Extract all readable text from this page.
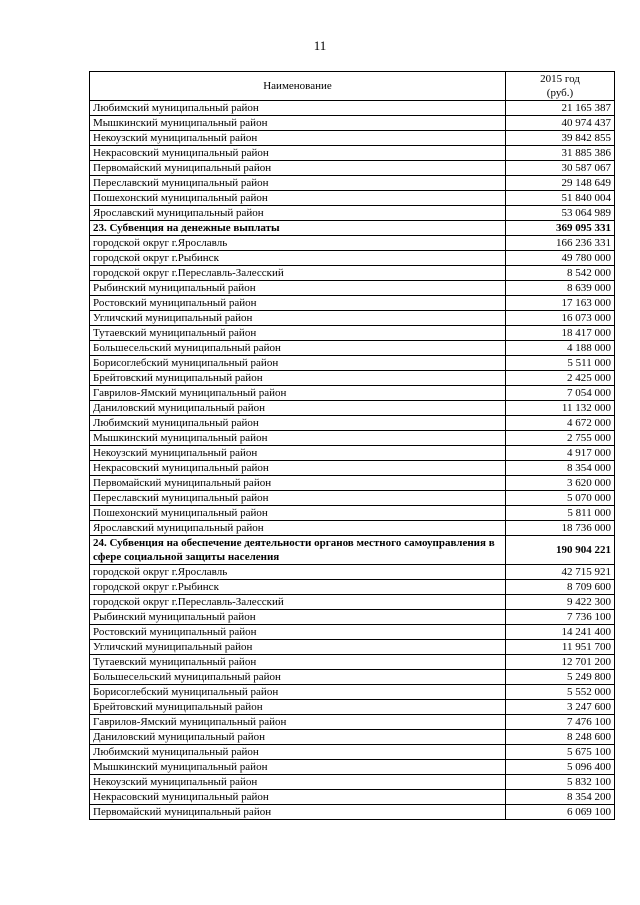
11
Наименование	2015 год
(руб.)

Любимский муниципальный район	21 165 387
Мышкинский муниципальный район	40 974 437
Некоузский муниципальный район	39 842 855
Некрасовский муниципальный район	31 885 386
Первомайский муниципальный район	30 587 067
Переславский муниципальный район	29 148 649
Пошехонский муниципальный район	51 840 004
Ярославский муниципальный район	53 064 989
23. Субвенция на денежные выплаты	369 095 331
городской округ г.Ярославль	166 236 331
городской округ г.Рыбинск	49 780 000
городской округ г.Переславль-Залесский	8 542 000
Рыбинский муниципальный район	8 639 000
Ростовский муниципальный район	17 163 000
Угличский муниципальный район	16 073 000
Тутаевский муниципальный район	18 417 000
Большесельский муниципальный район	4 188 000
Борисоглебский муниципальный район	5 511 000
Брейтовский муниципальный район	2 425 000
Гаврилов-Ямский муниципальный район	7 054 000
Даниловский муниципальный район	11 132 000
Любимский муниципальный район	4 672 000
Мышкинский муниципальный район	2 755 000
Некоузский муниципальный район	4 917 000
Некрасовский муниципальный район	8 354 000
Первомайский муниципальный район	3 620 000
Переславский муниципальный район	5 070 000
Пошехонский муниципальный район	5 811 000
Ярославский муниципальный район	18 736 000
24. Субвенция на обеспечение деятельности органов местного самоуправления в сфере социальной защиты населения	190 904 221
городской округ г.Ярославль	42 715 921
городской округ г.Рыбинск	8 709 600
городской округ г.Переславль-Залесский	9 422 300
Рыбинский муниципальный район	7 736 100
Ростовский муниципальный район	14 241 400
Угличский муниципальный район	11 951 700
Тутаевский муниципальный район	12 701 200
Большесельский муниципальный район	5 249 800
Борисоглебский муниципальный район	5 552 000
Брейтовский муниципальный район	3 247 600
Гаврилов-Ямский муниципальный район	7 476 100
Даниловский муниципальный район	8 248 600
Любимский муниципальный район	5 675 100
Мышкинский муниципальный район	5 096 400
Некоузский муниципальный район	5 832 100
Некрасовский муниципальный район	8 354 200
Первомайский муниципальный район	6 069 100
